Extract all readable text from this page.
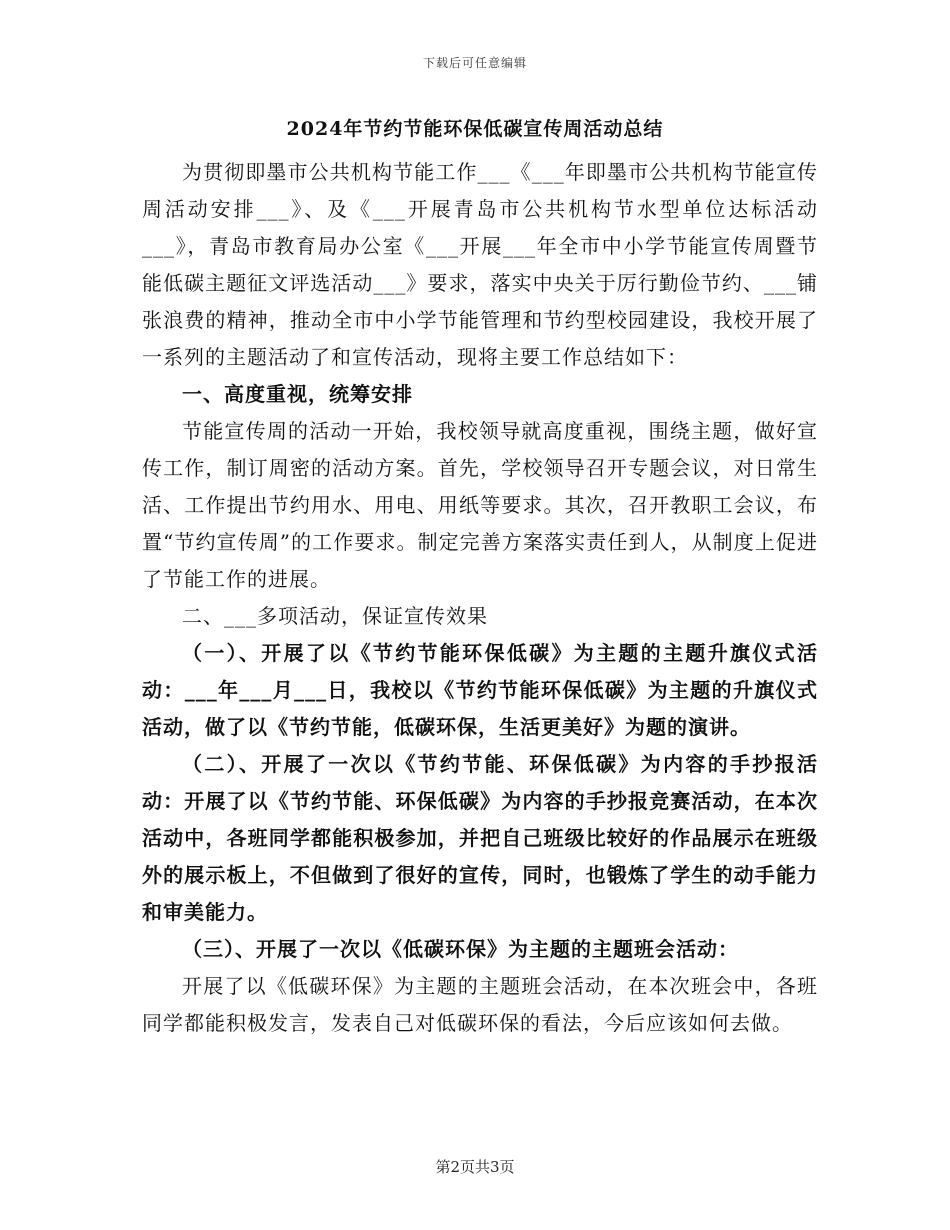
下载后可任意编辑
2024年节约节能环保低碳宣传周活动总结

为贯彻即墨市公共机构节能工作___《___年即墨市公共机构节能宣传周活动安排___》、及《___开展青岛市公共机构节水型单位达标活动___》，青岛市教育局办公室《___开展___年全市中小学节能宣传周暨节能低碳主题征文评选活动___》要求，落实中央关于厉行勤俭节约、___铺张浪费的精神，推动全市中小学节能管理和节约型校园建设，我校开展了一系列的主题活动了和宣传活动，现将主要工作总结如下：

一、高度重视，统筹安排

节能宣传周的活动一开始，我校领导就高度重视，围绕主题，做好宣传工作，制订周密的活动方案。首先，学校领导召开专题会议，对日常生活、工作提出节约用水、用电、用纸等要求。其次，召开教职工会议，布置“节约宣传周”的工作要求。制定完善方案落实责任到人，从制度上促进了节能工作的进展。

二、___多项活动，保证宣传效果

（一）、开展了以《节约节能环保低碳》为主题的主题升旗仪式活动：___年___月___日，我校以《节约节能环保低碳》为主题的升旗仪式活动，做了以《节约节能，低碳环保，生活更美好》为题的演讲。

（二）、开展了一次以《节约节能、环保低碳》为内容的手抄报活动：开展了以《节约节能、环保低碳》为内容的手抄报竞赛活动，在本次活动中，各班同学都能积极参加，并把自己班级比较好的作品展示在班级外的展示板上，不但做到了很好的宣传，同时，也锻炼了学生的动手能力和审美能力。

（三）、开展了一次以《低碳环保》为主题的主题班会活动：

开展了以《低碳环保》为主题的主题班会活动，在本次班会中，各班同学都能积极发言，发表自己对低碳环保的看法，今后应该如何去做。

第2页共3页
